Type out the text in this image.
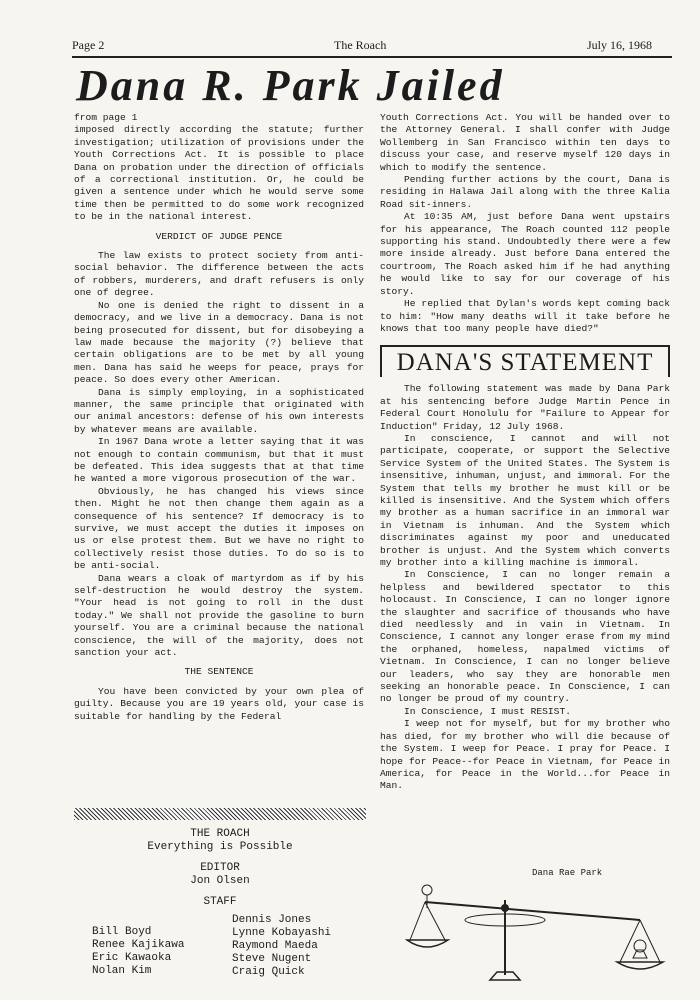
Page 2	The Roach	July 16, 1968
Dana R. Park Jailed

from page 1

imposed directly according the statute; further investigation; utilization of provisions under the Youth Corrections Act. It is possible to place Dana on probation under the direction of officials of a correctional institution. Or, he could be given a sentence under which he would serve some time then be permitted to do some work recognized to be in the national interest.

VERDICT OF JUDGE PENCE

The law exists to protect society from anti-social behavior. The difference between the acts of robbers, murderers, and draft refusers is only one of degree.

No one is denied the right to dissent in a democracy, and we live in a democracy. Dana is not being prosecuted for dissent, but for disobeying a law made because the majority (?) believe that certain obligations are to be met by all young men. Dana has said he weeps for peace, prays for peace. So does every other American.

Dana is simply employing, in a sophisticated manner, the same principle that originated with our animal ancestors: defense of his own interests by whatever means are available.

In 1967 Dana wrote a letter saying that it was not enough to contain communism, but that it must be defeated. This idea suggests that at that time he wanted a more vigorous prosecution of the war.

Obviously, he has changed his views since then. Might he not then change them again as a consequence of his sentence? If democracy is to survive, we must accept the duties it imposes on us or else protest them. But we have no right to collectively resist those duties. To do so is to be anti-social.

Dana wears a cloak of martyrdom as if by his self-destruction he would destroy the system. "Your head is not going to roll in the dust today." We shall not provide the gasoline to burn yourself. You are a criminal because the national conscience, the will of the majority, does not sanction your act.

THE SENTENCE

You have been convicted by your own plea of guilty. Because you are 19 years old, your case is suitable for handling by the Federal

Youth Corrections Act. You will be handed over to the Attorney General. I shall confer with Judge Wollemberg in San Francisco within ten days to discuss your case, and reserve myself 120 days in which to modify the sentence.

Pending further actions by the court, Dana is residing in Halawa Jail along with the three Kalia Road sit-inners.

At 10:35 AM, just before Dana went upstairs for his appearance, The Roach counted 112 people supporting his stand. Undoubtedly there were a few more inside already. Just before Dana entered the courtroom, The Roach asked him if he had anything he would like to say for our coverage of his story.

He replied that Dylan's words kept coming back to him: "How many deaths will it take before he knows that too many people have died?"

DANA'S STATEMENT

The following statement was made by Dana Park at his sentencing before Judge Martin Pence in Federal Court Honolulu for "Failure to Appear for Induction" Friday, 12 July 1968.

In conscience, I cannot and will not participate, cooperate, or support the Selective Service System of the United States. The System is insensitive, inhuman, unjust, and immoral. For the System that tells my brother he must kill or be killed is insensitive. And the System which offers my brother as a human sacrifice in an immoral war in Vietnam is inhuman. And the System which discriminates against my poor and uneducated brother is unjust. And the System which converts my brother into a killing machine is immoral.

In Conscience, I can no longer remain a helpless and bewildered spectator to this holocaust. In Conscience, I can no longer ignore the slaughter and sacrifice of thousands who have died needlessly and in vain in Vietnam. In Conscience, I cannot any longer erase from my mind the orphaned, homeless, napalmed victims of Vietnam. In Conscience, I can no longer believe our leaders, who say they are honorable men seeking an honorable peace. In Conscience, I can no longer be proud of my country.

In Conscience, I must RESIST.

I weep not for myself, but for my brother who has died, for my brother who will die because of the System. I weep for Peace. I pray for Peace. I hope for Peace--for Peace in Vietnam, for Peace in America, for Peace in the World...for Peace in Man.

THE ROACH
Everything is Possible
EDITOR
Jon Olsen
STAFF
Bill Boyd
Renee Kajikawa
Eric Kawaoka
Nolan Kim
Dennis Jones
Lynne Kobayashi
Raymond Maeda
Steve Nugent
Craig Quick
Dana Rae Park
